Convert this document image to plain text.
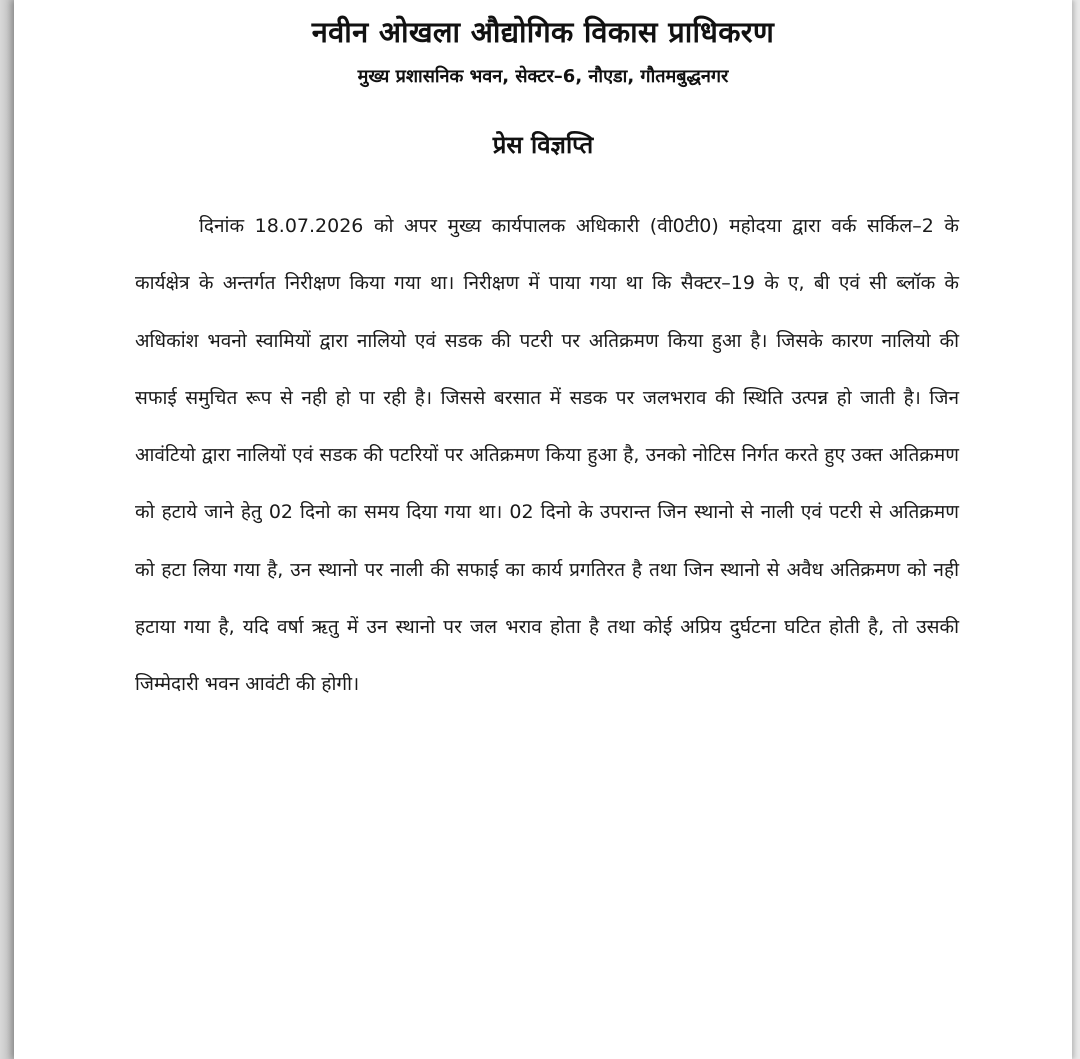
नवीन ओखला औद्योगिक विकास प्राधिकरण
मुख्य प्रशासनिक भवन, सेक्टर–6, नौएडा, गौतमबुद्धनगर
प्रेस विज्ञप्ति

दिनांक 18.07.2026 को अपर मुख्य कार्यपालक अधिकारी (वी0टी0) महोदया द्वारा वर्क सर्किल–2 के कार्यक्षेत्र के अन्तर्गत निरीक्षण किया गया था। निरीक्षण में पाया गया था कि सैक्टर–19 के ए, बी एवं सी ब्लॉक के अधिकांश भवनो स्वामियों द्वारा नालियो एवं सडक की पटरी पर अतिक्रमण किया हुआ है। जिसके कारण नालियो की सफाई समुचित रूप से नही हो पा रही है। जिससे बरसात में सडक पर जलभराव की स्थिति उत्पन्न हो जाती है। जिन आवंटियो द्वारा नालियों एवं सडक की पटरियों पर अतिक्रमण किया हुआ है, उनको नोटिस निर्गत करते हुए उक्त अतिक्रमण को हटाये जाने हेतु 02 दिनो का समय दिया गया था। 02 दिनो के उपरान्त जिन स्थानो से नाली एवं पटरी से अतिक्रमण को हटा लिया गया है, उन स्थानो पर नाली की सफाई का कार्य प्रगतिरत है तथा जिन स्थानो से अवैध अतिक्रमण को नही हटाया गया है, यदि वर्षा ऋतु में उन स्थानो पर जल भराव होता है तथा कोई अप्रिय दुर्घटना घटित होती है, तो उसकी जिम्मेदारी भवन आवंटी की होगी।
